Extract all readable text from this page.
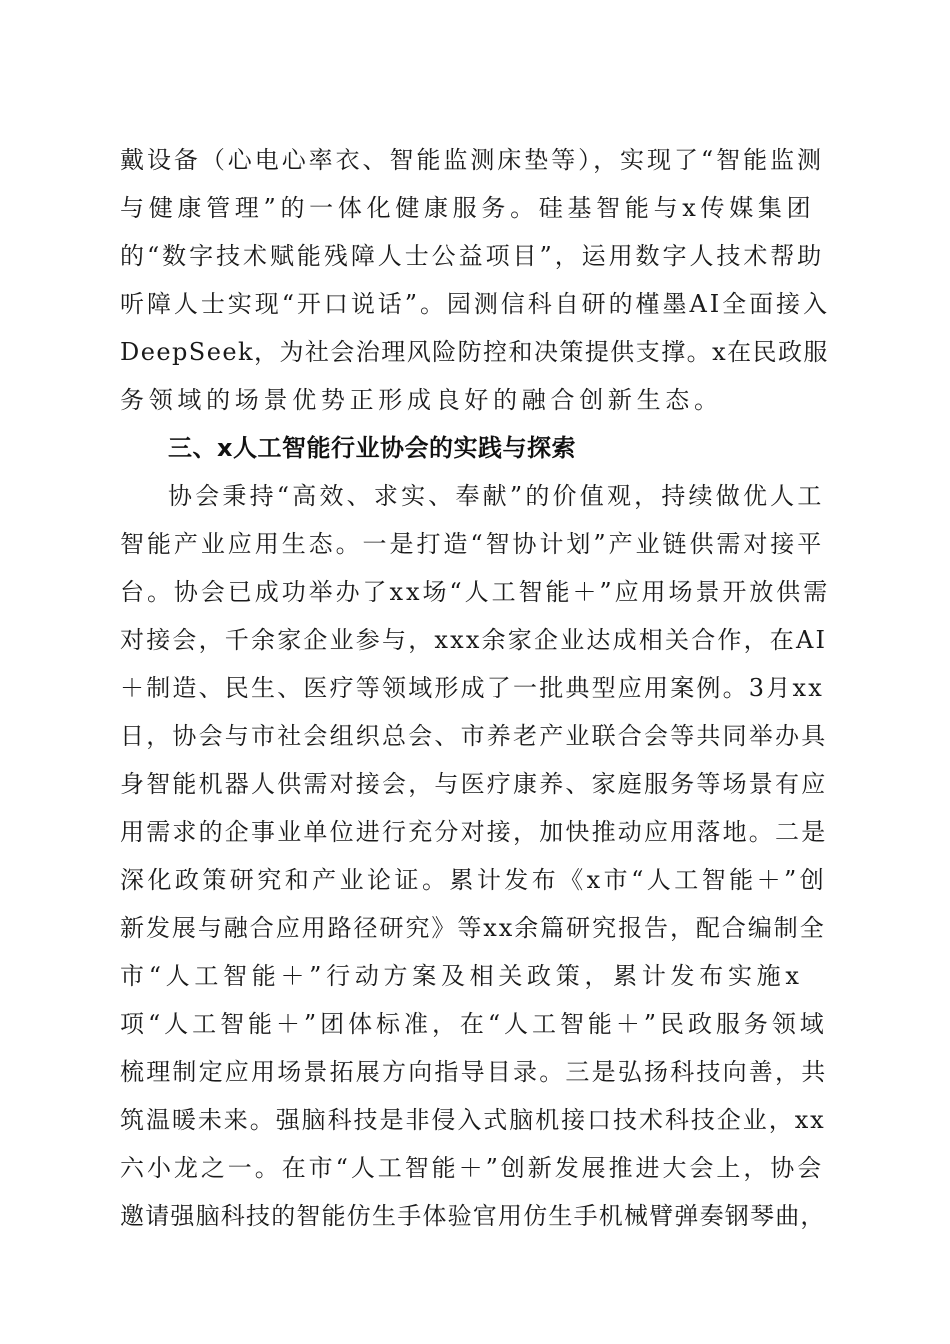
戴设备（心电心率衣、智能监测床垫等），实现了“智能监测
与健康管理”的一体化健康服务。硅基智能与x传媒集团
的“数字技术赋能残障人士公益项目”，运用数字人技术帮助
听障人士实现“开口说话”。园测信科自研的槿墨AI全面接入
DeepSeek，为社会治理风险防控和决策提供支撑。x在民政服
务领域的场景优势正形成良好的融合创新生态。
三、x人工智能行业协会的实践与探索
协会秉持“高效、求实、奉献”的价值观，持续做优人工
智能产业应用生态。一是打造“智协计划”产业链供需对接平
台。协会已成功举办了xx场“人工智能＋”应用场景开放供需
对接会，千余家企业参与，xxx余家企业达成相关合作，在AI
＋制造、民生、医疗等领域形成了一批典型应用案例。3月xx
日，协会与市社会组织总会、市养老产业联合会等共同举办具
身智能机器人供需对接会，与医疗康养、家庭服务等场景有应
用需求的企事业单位进行充分对接，加快推动应用落地。二是
深化政策研究和产业论证。累计发布《x市“人工智能＋”创
新发展与融合应用路径研究》等xx余篇研究报告，配合编制全
市“人工智能＋”行动方案及相关政策，累计发布实施x
项“人工智能＋”团体标准，在“人工智能＋”民政服务领域
梳理制定应用场景拓展方向指导目录。三是弘扬科技向善，共
筑温暖未来。强脑科技是非侵入式脑机接口技术科技企业，xx
六小龙之一。在市“人工智能＋”创新发展推进大会上，协会
邀请强脑科技的智能仿生手体验官用仿生手机械臂弹奏钢琴曲，
